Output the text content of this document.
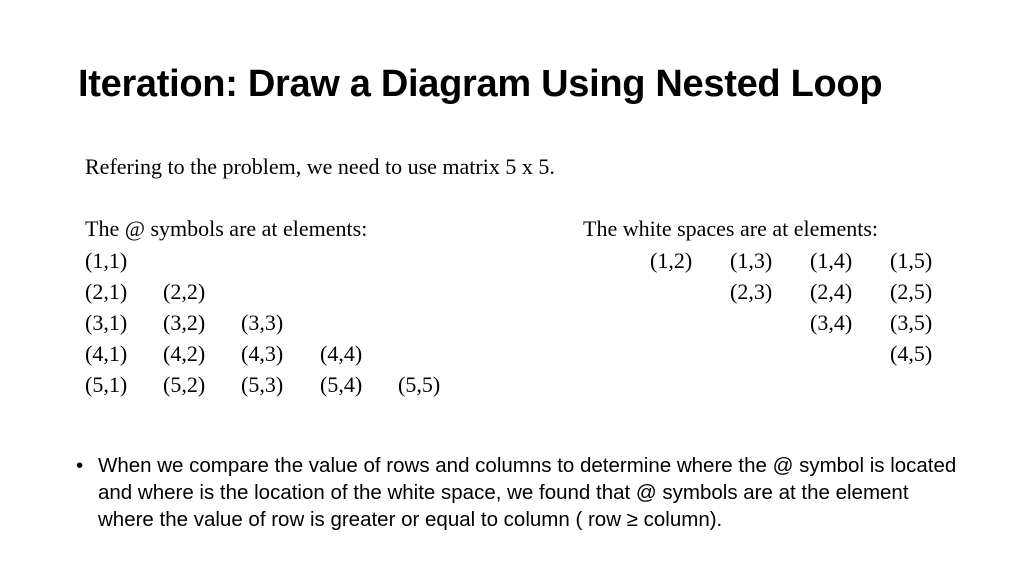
Iteration: Draw a Diagram Using Nested Loop
Refering to the problem, we need to use matrix 5 x 5.
The @ symbols are at elements:	The white spaces are at elements:
(1,1)
(2,1) (2,2)
(3,1) (3,2) (3,3)
(4,1) (4,2) (4,3) (4,4)
(5,1) (5,2) (5,3) (5,4) (5,5)
(1,2) (1,3) (1,4) (1,5)
(2,3) (2,4) (2,5)
(3,4) (3,5)
(4,5)
• When we compare the value of rows and columns to determine where the @ symbol is located and where is the location of the white space, we found that @ symbols are at the element where the value of row is greater or equal to column ( row ≥ column).
